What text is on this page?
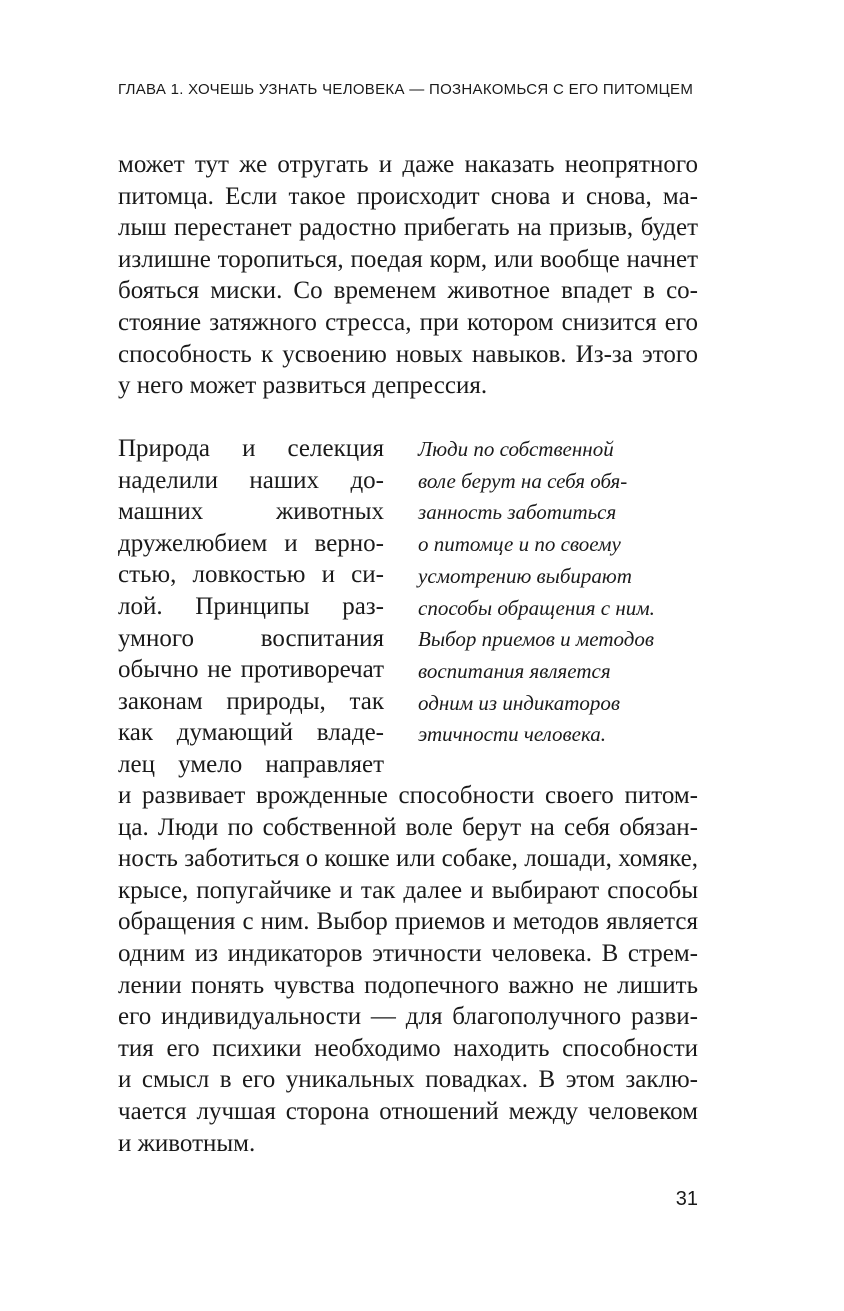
ГЛАВА 1. ХОЧЕШЬ УЗНАТЬ ЧЕЛОВЕКА — ПОЗНАКОМЬСЯ С ЕГО ПИТОМЦЕМ
может тут же отругать и даже наказать неопрятного
питомца. Если такое происходит снова и снова, ма-
лыш перестанет радостно прибегать на призыв, будет
излишне торопиться, поедая корм, или вообще начнет
бояться миски. Со временем животное впадет в со-
стояние затяжного стресса, при котором снизится его
способность к усвоению новых навыков. Из-за этого
у него может развиться депрессия.
Природа и селекция
наделили наших до-
машних животных
дружелюбием и верно-
стью, ловкостью и си-
лой. Принципы раз-
умного воспитания
обычно не противоречат
законам природы, так
как думающий владе-
лец умело направляет
Люди по собственной
воле берут на себя обя-
занность заботиться
о питомце и по своему
усмотрению выбирают
способы обращения с ним.
Выбор приемов и методов
воспитания является
одним из индикаторов
этичности человека.
и развивает врожденные способности своего питом-
ца. Люди по собственной воле берут на себя обязан-
ность заботиться о кошке или собаке, лошади, хомяке,
крысе, попугайчике и так далее и выбирают способы
обращения с ним. Выбор приемов и методов является
одним из индикаторов этичности человека. В стрем-
лении понять чувства подопечного важно не лишить
его индивидуальности — для благополучного разви-
тия его психики необходимо находить способности
и смысл в его уникальных повадках. В этом заклю-
чается лучшая сторона отношений между человеком
и животным.
31
